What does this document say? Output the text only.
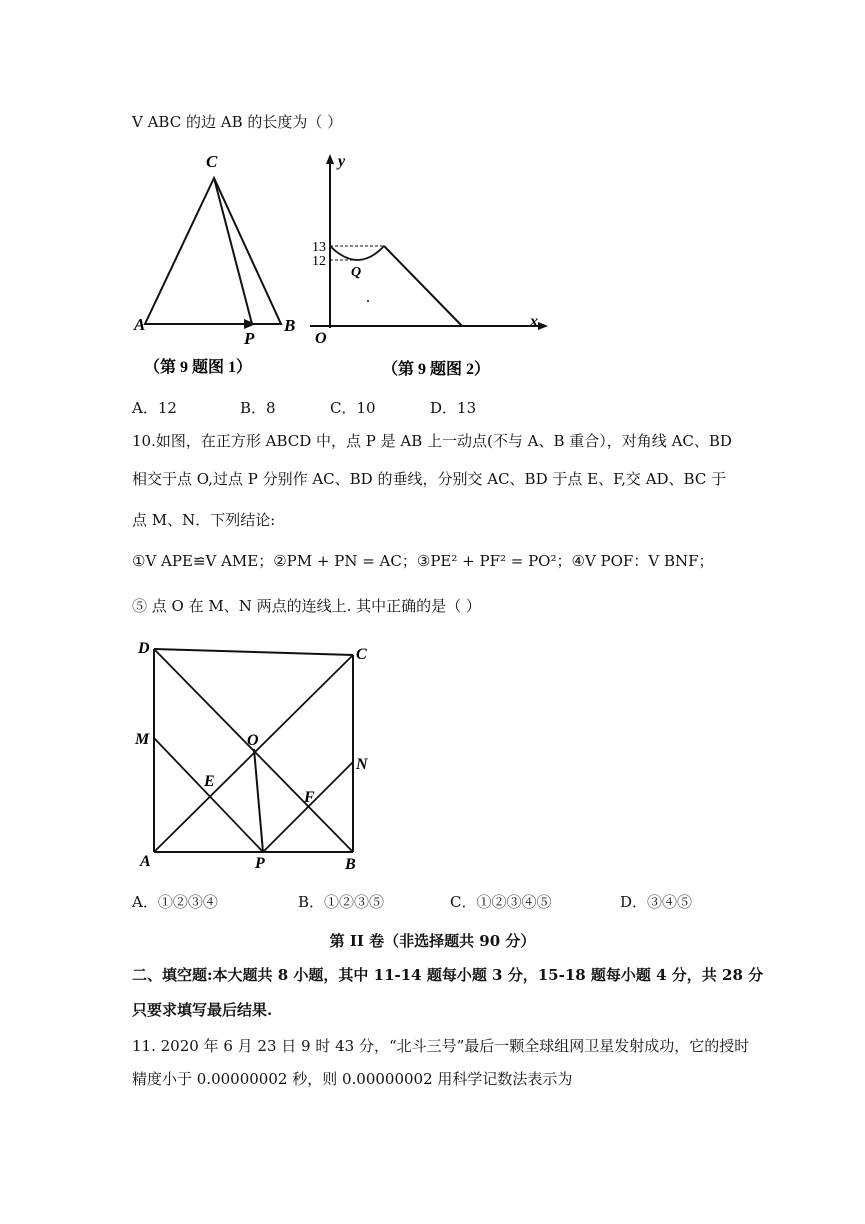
V ABC 的边 AB 的长度为（ ）
C
A	B
P
（第 9 题图 1）
y
x
O
13
12
Q
（第 9 题图 2）
A．12	B．8	C．10	D．13
10.如图，在正方形 ABCD 中，点 P 是 AB 上一动点(不与 A、B 重合），对角线 AC、BD
相交于点 O,过点 P 分别作 AC、BD 的垂线，分别交 AC、BD 于点 E、F,交 AD、BC 于
点 M、N．下列结论:
①V APE≌V AME；②PM + PN = AC；③PE² + PF² = PO²；④V POF：V BNF；
⑤ 点 O 在 M、N 两点的连线上. 其中正确的是（ ）
D	C
M	O
N
E
F
A	P	B
A．①②③④	B．①②③⑤	C．①②③④⑤	D．③④⑤
第 II 卷（非选择题共 90 分）
二、填空题:本大题共 8 小题，其中 11-14 题每小题 3 分，15-18 题每小题 4 分，共 28 分
只要求填写最后结果.
11. 2020 年 6 月 23 日 9 时 43 分，“北斗三号”最后一颗全球组网卫星发射成功，它的授时
精度小于 0.00000002 秒，则 0.00000002 用科学记数法表示为
